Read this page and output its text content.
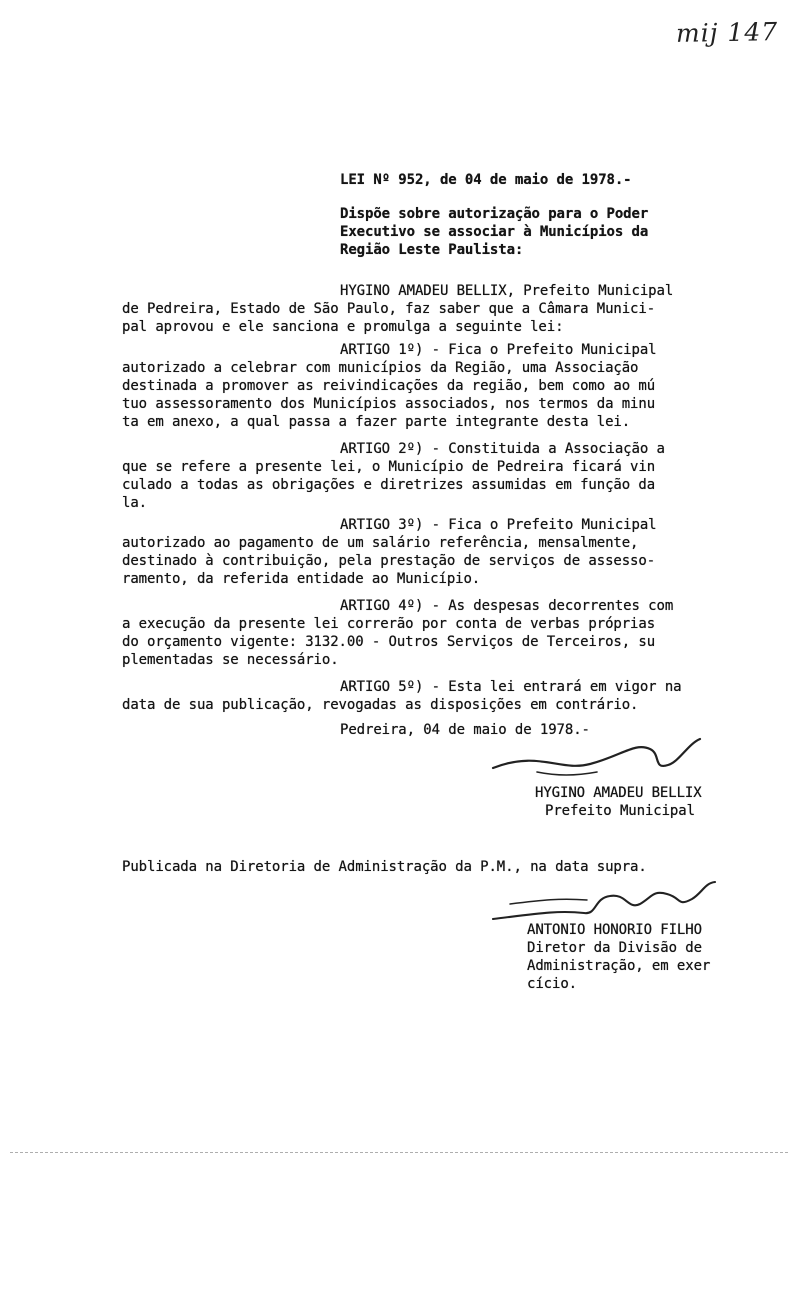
mij 147
LEI Nº 952, de 04 de maio de 1978.-
Dispõe sobre autorização para o Poder
Executivo se associar à Municípios da
Região Leste Paulista:
HYGINO AMADEU BELLIX, Prefeito Municipal
de Pedreira, Estado de São Paulo, faz saber que a Câmara Munici-
pal aprovou e ele sanciona e promulga a seguinte lei:
ARTIGO 1º) - Fica o Prefeito Municipal
autorizado a celebrar com municípios da Região, uma Associação
destinada a promover as reivindicações da região, bem como ao mú
tuo assessoramento dos Municípios associados, nos termos da minu
ta em anexo, a qual passa a fazer parte integrante desta lei.
ARTIGO 2º) - Constituida a Associação a
que se refere a presente lei, o Município de Pedreira ficará vin
culado a todas as obrigações e diretrizes assumidas em função da
la.
ARTIGO 3º) - Fica o Prefeito Municipal
autorizado ao pagamento de um salário referência, mensalmente,
destinado à contribuição, pela prestação de serviços de assesso-
ramento, da referida entidade ao Município.
ARTIGO 4º) - As despesas decorrentes com
a execução da presente lei correrão por conta de verbas próprias
do orçamento vigente: 3132.00 - Outros Serviços de Terceiros, su
plementadas se necessário.
ARTIGO 5º) - Esta lei entrará em vigor na
data de sua publicação, revogadas as disposições em contrário.
Pedreira, 04 de maio de 1978.-
HYGINO AMADEU BELLIX
Prefeito Municipal
Publicada na Diretoria de Administração da P.M., na data supra.
ANTONIO HONORIO FILHO
Diretor da Divisão de
Administração, em exer
cício.
